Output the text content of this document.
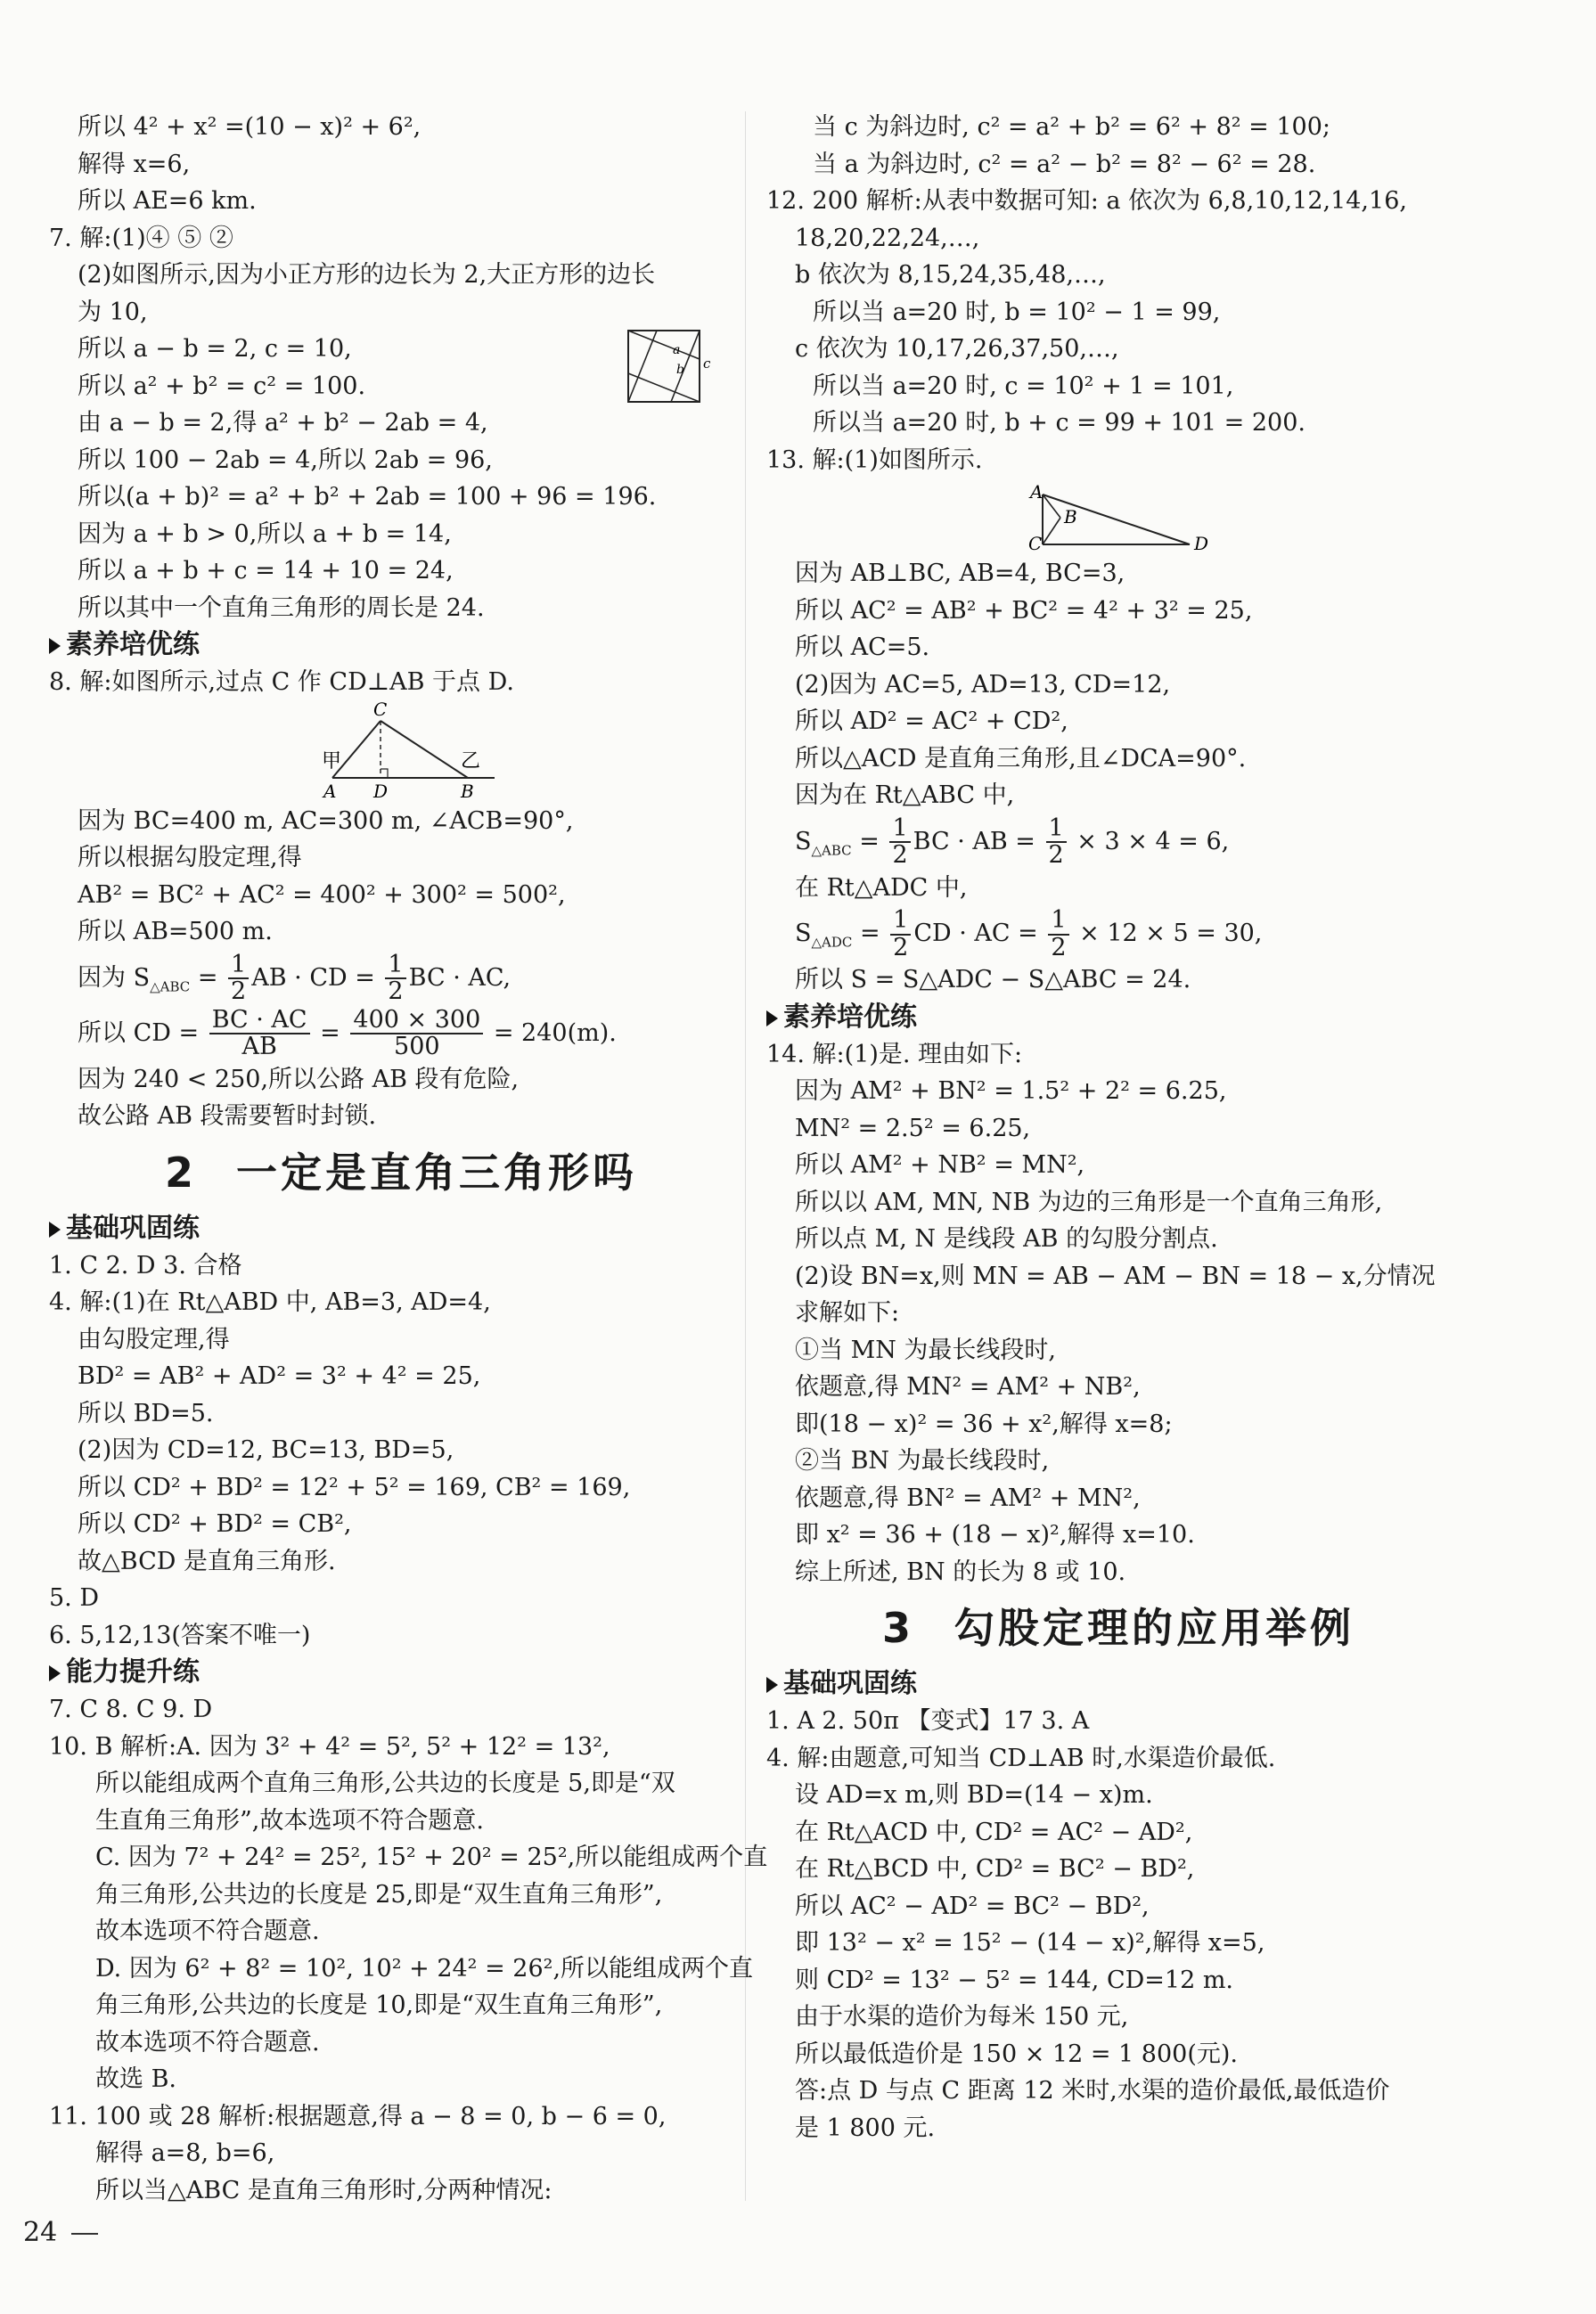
所以 4² + x² =(10 − x)² + 6²,
解得 x=6,
所以 AE=6 km.
7. 解:(1)④ ⑤ ②
(2)如图所示,因为小正方形的边长为 2,大正方形的边长
为 10,
所以 a − b = 2, c = 10,
所以 a² + b² = c² = 100.
由 a − b = 2,得 a² + b² − 2ab = 4,
a
b c
所以 100 − 2ab = 4,所以 2ab = 96,
所以(a + b)² = a² + b² + 2ab = 100 + 96 = 196.
因为 a + b > 0,所以 a + b = 14,
所以 a + b + c = 14 + 10 = 24,
所以其中一个直角三角形的周长是 24.
素养培优练
8. 解:如图所示,过点 C 作 CD⊥AB 于点 D.
C
甲	乙
A D	B
因为 BC=400 m, AC=300 m, ∠ACB=90°,
所以根据勾股定理,得
AB² = BC² + AC² = 400² + 300² = 500²,
所以 AB=500 m.
因为 $S_{\triangle ABC} = \frac{1}{2}$ AB · CD = $\frac{1}{2}$ BC · AC,
所以 CD = $\frac{BC \cdot AC}{AB} = \frac{400 \times 300}{500} = 240(m)$.
因为 240 < 250,所以公路 AB 段有危险,
故公路 AB 段需要暂时封锁.
2 一定是直角三角形吗
基础巩固练
1. C 2. D 3. 合格
4. 解:(1)在 Rt△ABD 中, AB=3, AD=4,
由勾股定理,得
BD² = AB² + AD² = 3² + 4² = 25,
所以 BD=5.
(2)因为 CD=12, BC=13, BD=5,
所以 CD² + BD² = 12² + 5² = 169, CB² = 169,
所以 CD² + BD² = CB²,
故△BCD 是直角三角形.
5. D
6. 5,12,13(答案不唯一)
能力提升练
7. C 8. C 9. D
10. B 解析:A. 因为 3² + 4² = 5², 5² + 12² = 13²,
所以能组成两个直角三角形,公共边的长度是 5,即是“双
生直角三角形”,故本选项不符合题意.
C. 因为 7² + 24² = 25², 15² + 20² = 25²,所以能组成两个直
角三角形,公共边的长度是 25,即是“双生直角三角形”,
故本选项不符合题意.
D. 因为 6² + 8² = 10², 10² + 24² = 26²,所以能组成两个直
角三角形,公共边的长度是 10,即是“双生直角三角形”,
故本选项不符合题意.
故选 B.
11. 100 或 28 解析:根据题意,得 a − 8 = 0, b − 6 = 0,
解得 a=8, b=6,
所以当△ABC 是直角三角形时,分两种情况:
当 c 为斜边时, c² = a² + b² = 6² + 8² = 100;
当 a 为斜边时, c² = a² − b² = 8² − 6² = 28.
12. 200 解析:从表中数据可知: a 依次为 6,8,10,12,14,16,
18,20,22,24,…,
b 依次为 8,15,24,35,48,…,
所以当 a=20 时, b = 10² − 1 = 99,
c 依次为 10,17,26,37,50,…,
所以当 a=20 时, c = 10² + 1 = 101,
所以当 a=20 时, b + c = 99 + 101 = 200.
13. 解:(1)如图所示.
A
B
C	D
因为 AB⊥BC, AB=4, BC=3,
所以 AC² = AB² + BC² = 4² + 3² = 25,
所以 AC=5.
(2)因为 AC=5, AD=13, CD=12,
所以 AD² = AC² + CD²,
所以△ACD 是直角三角形,且∠DCA=90°.
因为在 Rt△ABC 中,
$S_{\triangle ABC} = \frac{1}{2}$ BC · AB = $\frac{1}{2} \times 3 \times 4 = 6$,
在 Rt△ADC 中,
$S_{\triangle ADC} = \frac{1}{2}$ CD · AC = $\frac{1}{2} \times 12 \times 5 = 30$,
所以 S = S△ADC − S△ABC = 24.
素养培优练
14. 解:(1)是. 理由如下:
因为 AM² + BN² = 1.5² + 2² = 6.25,
MN² = 2.5² = 6.25,
所以 AM² + NB² = MN²,
所以以 AM, MN, NB 为边的三角形是一个直角三角形,
所以点 M, N 是线段 AB 的勾股分割点.
(2)设 BN=x,则 MN = AB − AM − BN = 18 − x,分情况
求解如下:
①当 MN 为最长线段时,
依题意,得 MN² = AM² + NB²,
即(18 − x)² = 36 + x²,解得 x=8;
②当 BN 为最长线段时,
依题意,得 BN² = AM² + MN²,
即 x² = 36 + (18 − x)²,解得 x=10.
综上所述, BN 的长为 8 或 10.
3 勾股定理的应用举例
基础巩固练
1. A 2. 50π 【变式】17 3. A
4. 解:由题意,可知当 CD⊥AB 时,水渠造价最低.
设 AD=x m,则 BD=(14 − x)m.
在 Rt△ACD 中, CD² = AC² − AD²,
在 Rt△BCD 中, CD² = BC² − BD²,
所以 AC² − AD² = BC² − BD²,
即 13² − x² = 15² − (14 − x)²,解得 x=5,
则 CD² = 13² − 5² = 144, CD=12 m.
由于水渠的造价为每米 150 元,
所以最低造价是 150 × 12 = 1 800(元).
答:点 D 与点 C 距离 12 米时,水渠的造价最低,最低造价
是 1 800 元.
24
